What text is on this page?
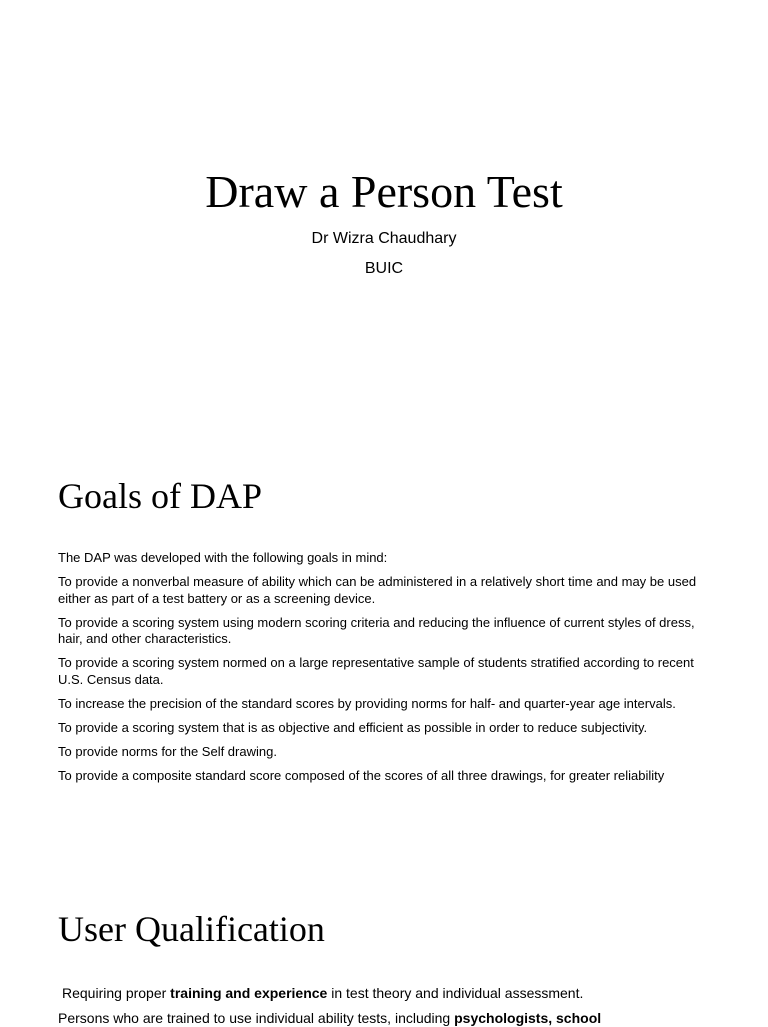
Draw a Person Test
Dr Wizra Chaudhary
BUIC
Goals of DAP
The DAP was developed with the following goals in mind:
To provide a nonverbal measure of ability which can be administered in a relatively short time and may be used either as part of a test battery or as a screening device.
To provide a scoring system using modern scoring criteria and reducing the influence of current styles of dress, hair, and other characteristics.
To provide a scoring system normed on a large representative sample of students stratified according to recent U.S. Census data.
To increase the precision of the standard scores by providing norms for half- and quarter-year age intervals.
To provide a scoring system that is as objective and efficient as possible in order to reduce subjectivity.
To provide norms for the Self drawing.
To provide a composite standard score composed of the scores of all three drawings, for greater reliability
User Qualification

Requiring proper training and experience in test theory and individual assessment.

Persons who are trained to use individual ability tests, including psychologists, school
